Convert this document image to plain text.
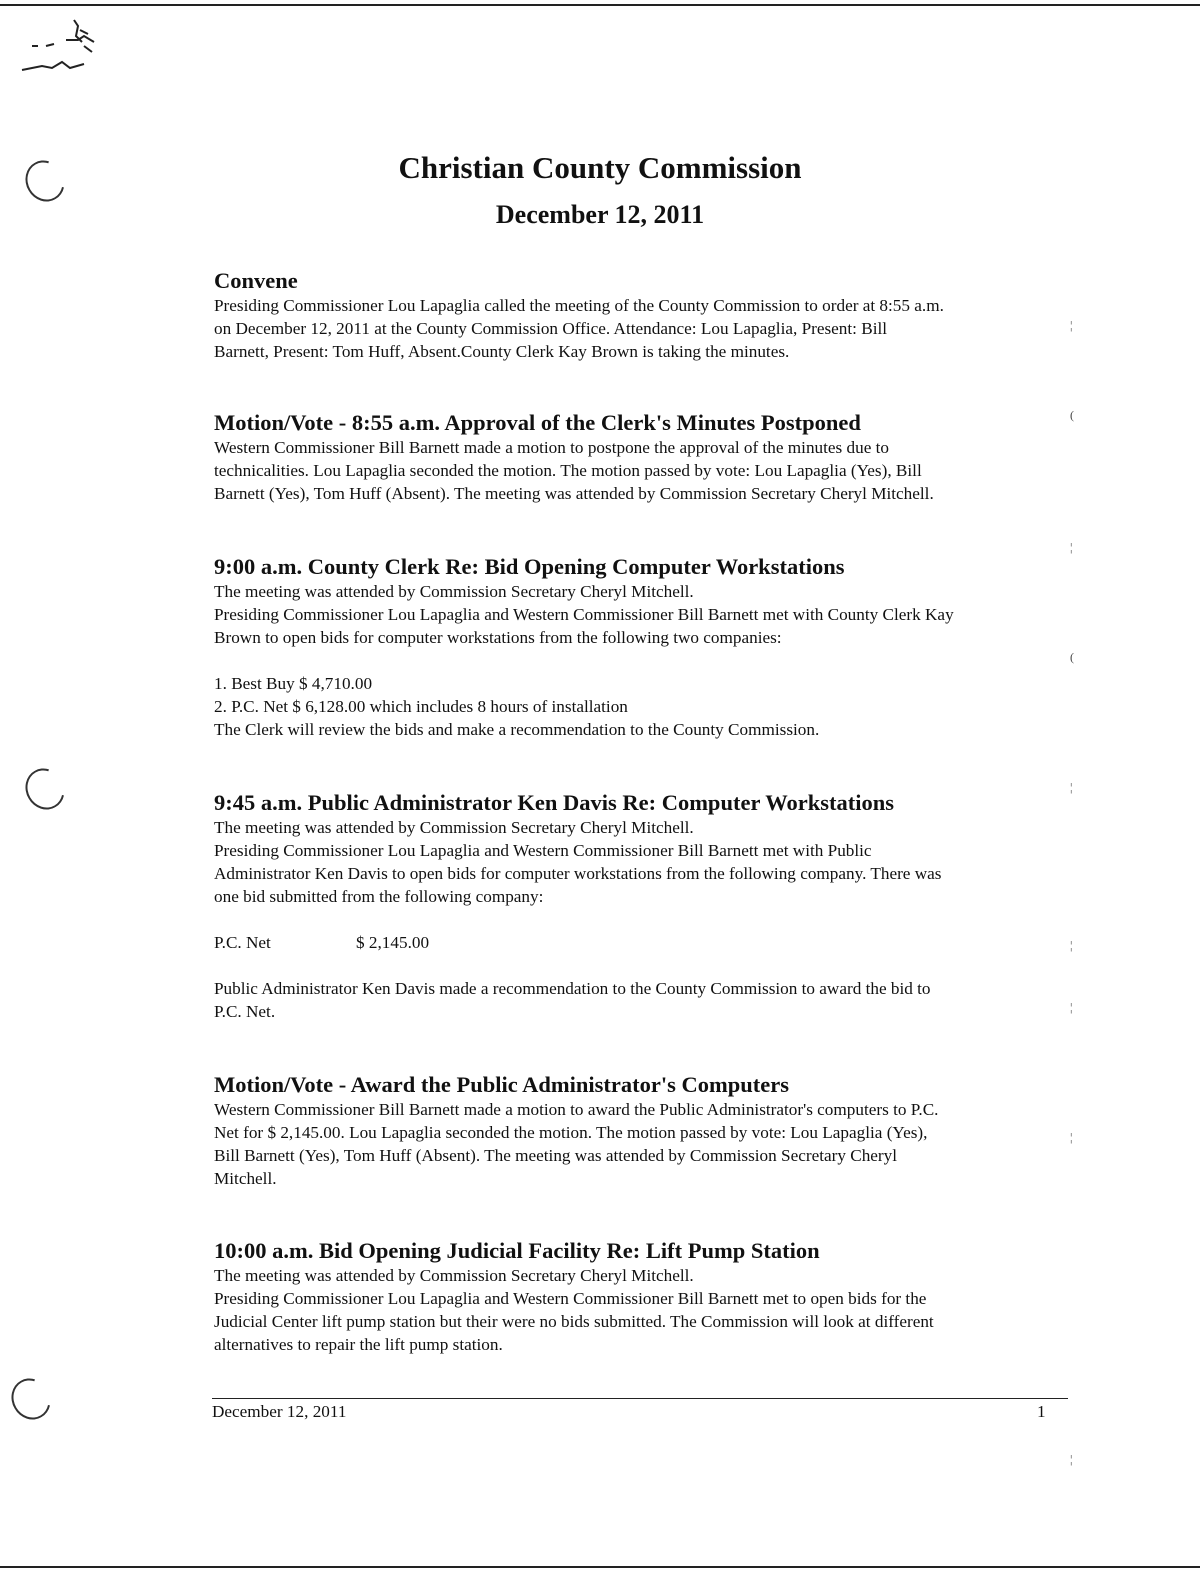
Christian County Commission
December 12, 2011
Convene

Presiding Commissioner Lou Lapaglia called the meeting of the County Commission to order at 8:55 a.m.

on December 12, 2011 at the County Commission Office. Attendance: Lou Lapaglia, Present: Bill

Barnett, Present: Tom Huff, Absent.County Clerk Kay Brown is taking the minutes.

Motion/Vote - 8:55 a.m. Approval of the Clerk's Minutes Postponed

Western Commissioner Bill Barnett made a motion to postpone the approval of the minutes due to

technicalities. Lou Lapaglia seconded the motion. The motion passed by vote: Lou Lapaglia (Yes), Bill

Barnett (Yes), Tom Huff (Absent). The meeting was attended by Commission Secretary Cheryl Mitchell.

9:00 a.m. County Clerk Re: Bid Opening Computer Workstations

The meeting was attended by Commission Secretary Cheryl Mitchell.

Presiding Commissioner Lou Lapaglia and Western Commissioner Bill Barnett met with County Clerk Kay

Brown to open bids for computer workstations from the following two companies:

1. Best Buy $ 4,710.00

2. P.C. Net $ 6,128.00 which includes 8 hours of installation

The Clerk will review the bids and make a recommendation to the County Commission.

9:45 a.m. Public Administrator Ken Davis Re: Computer Workstations

The meeting was attended by Commission Secretary Cheryl Mitchell.

Presiding Commissioner Lou Lapaglia and Western Commissioner Bill Barnett met with Public

Administrator Ken Davis to open bids for computer workstations from the following company. There was

one bid submitted from the following company:

P.C. Net	$ 2,145.00

Public Administrator Ken Davis made a recommendation to the County Commission to award the bid to

P.C. Net.

Motion/Vote - Award the Public Administrator's Computers

Western Commissioner Bill Barnett made a motion to award the Public Administrator's computers to P.C.

Net for $ 2,145.00. Lou Lapaglia seconded the motion. The motion passed by vote: Lou Lapaglia (Yes),

Bill Barnett (Yes), Tom Huff (Absent). The meeting was attended by Commission Secretary Cheryl

Mitchell.

10:00 a.m. Bid Opening Judicial Facility Re: Lift Pump Station

The meeting was attended by Commission Secretary Cheryl Mitchell.

Presiding Commissioner Lou Lapaglia and Western Commissioner Bill Barnett met to open bids for the

Judicial Center lift pump station but their were no bids submitted. The Commission will look at different

alternatives to repair the lift pump station.

December 12, 2011	1
¦
(
¦
(
¦
¦
¦
¦
¦
